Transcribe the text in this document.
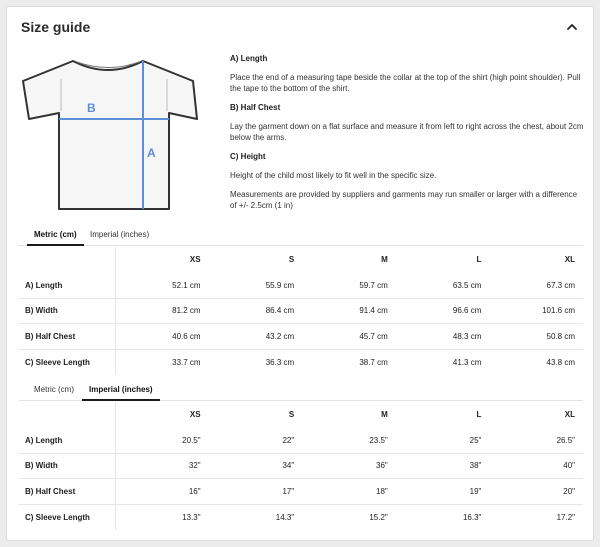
Size guide
B
A
A) Length
Place the end of a measuring tape beside the collar at the top of the shirt (high point shoulder). Pull the tape to the bottom of the shirt.
B) Half Chest
Lay the garment down on a flat surface and measure it from left to right across the chest, about 2cm below the arms.
C) Height
Height of the child most likely to fit well in the specific size.
Measurements are provided by suppliers and garments may run smaller or larger with a difference of +/- 2.5cm (1 in)
Metric (cm)	Imperial (inches)
	XS	S	M	L	XL
A) Length	52.1 cm	55.9 cm	59.7 cm	63.5 cm	67.3 cm
B) Width	81.2 cm	86.4 cm	91.4 cm	96.6 cm	101.6 cm
B) Half Chest	40.6 cm	43.2 cm	45.7 cm	48.3 cm	50.8 cm
C) Sleeve Length	33.7 cm	36.3 cm	38.7 cm	41.3 cm	43.8 cm
Metric (cm)	Imperial (inches)
	XS	S	M	L	XL
A) Length	20.5"	22"	23.5"	25"	26.5"
B) Width	32"	34"	36"	38"	40"
B) Half Chest	16"	17"	18"	19"	20"
C) Sleeve Length	13.3"	14.3"	15.2"	16.3"	17.2"
